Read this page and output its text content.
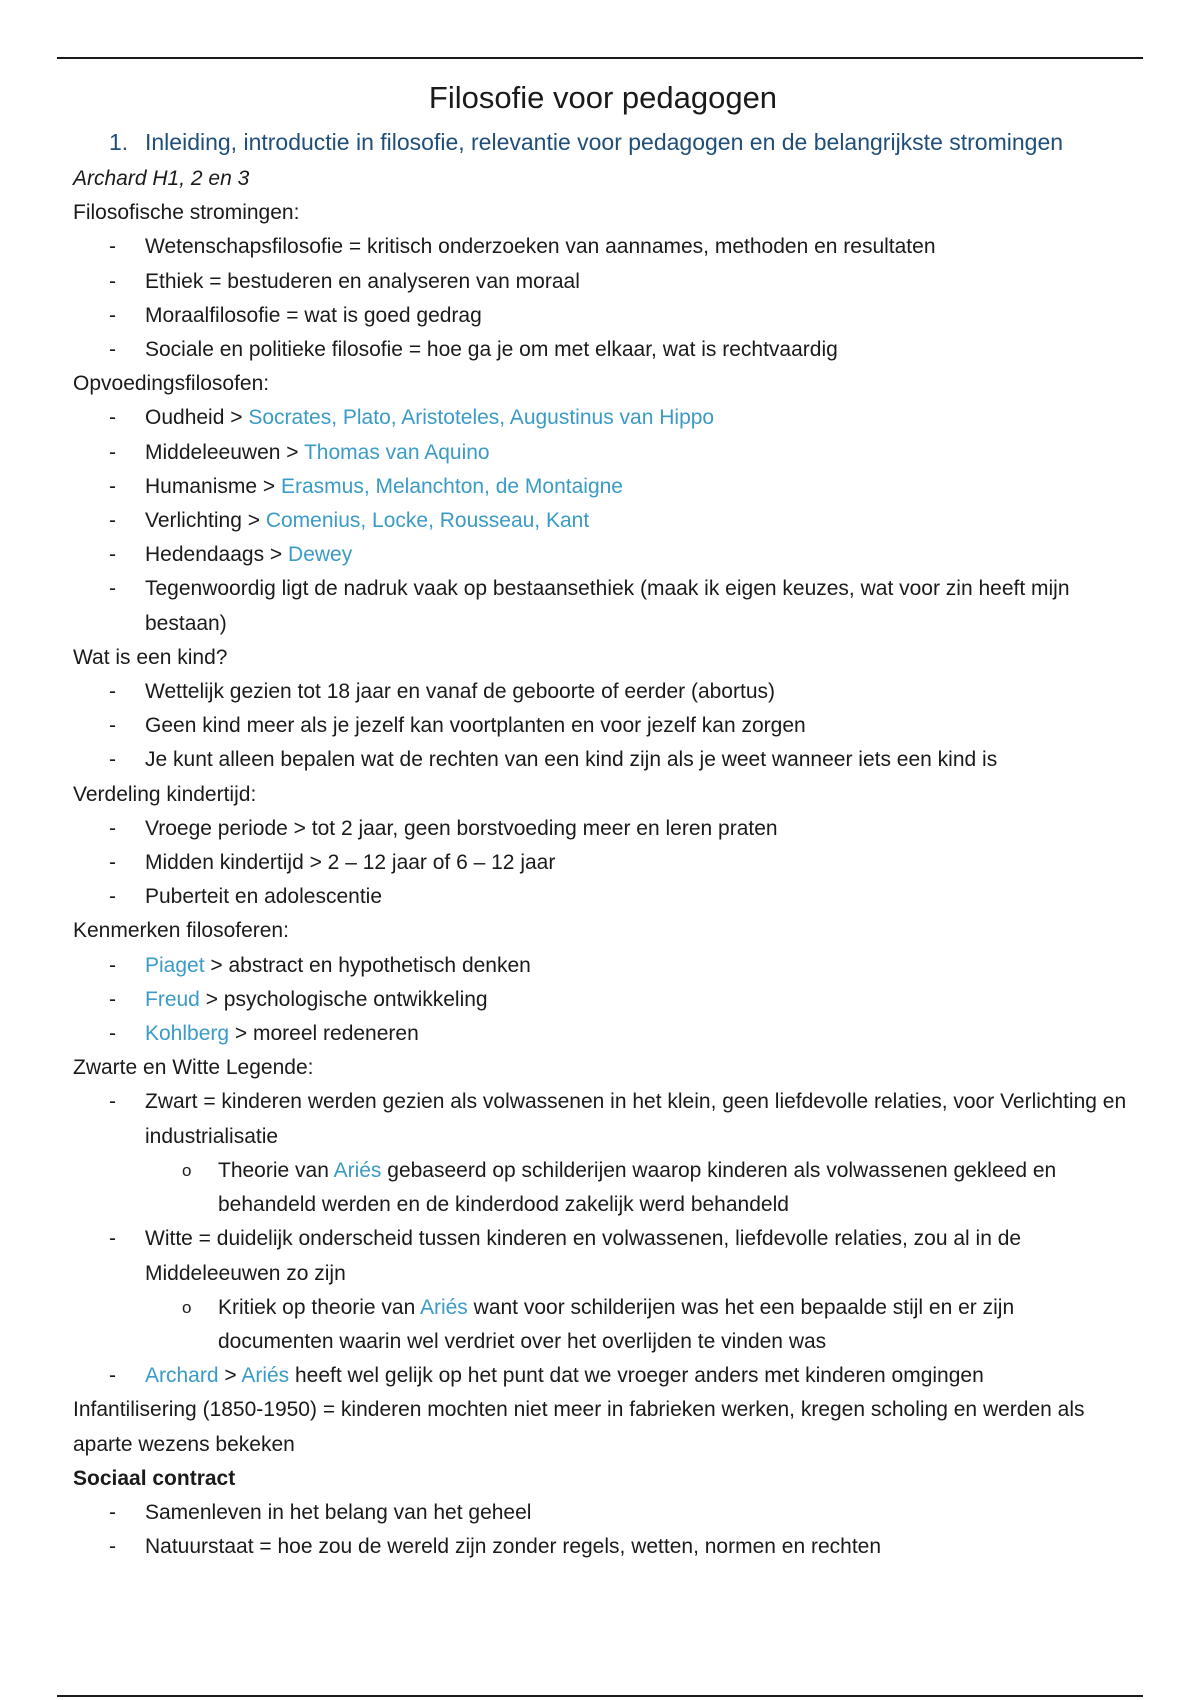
Filosofie voor pedagogen
1. Inleiding, introductie in filosofie, relevantie voor pedagogen en de belangrijkste stromingen
Archard H1, 2 en 3
Filosofische stromingen:
- Wetenschapsfilosofie = kritisch onderzoeken van aannames, methoden en resultaten
- Ethiek = bestuderen en analyseren van moraal
- Moraalfilosofie = wat is goed gedrag
- Sociale en politieke filosofie = hoe ga je om met elkaar, wat is rechtvaardig
Opvoedingsfilosofen:
- Oudheid > Socrates, Plato, Aristoteles, Augustinus van Hippo
- Middeleeuwen > Thomas van Aquino
- Humanisme > Erasmus, Melanchton, de Montaigne
- Verlichting > Comenius, Locke, Rousseau, Kant
- Hedendaags > Dewey
- Tegenwoordig ligt de nadruk vaak op bestaansethiek (maak ik eigen keuzes, wat voor zin heeft mijn bestaan)
Wat is een kind?
- Wettelijk gezien tot 18 jaar en vanaf de geboorte of eerder (abortus)
- Geen kind meer als je jezelf kan voortplanten en voor jezelf kan zorgen
- Je kunt alleen bepalen wat de rechten van een kind zijn als je weet wanneer iets een kind is
Verdeling kindertijd:
- Vroege periode > tot 2 jaar, geen borstvoeding meer en leren praten
- Midden kindertijd > 2 – 12 jaar of 6 – 12 jaar
- Puberteit en adolescentie
Kenmerken filosoferen:
- Piaget > abstract en hypothetisch denken
- Freud > psychologische ontwikkeling
- Kohlberg > moreel redeneren
Zwarte en Witte Legende:
- Zwart = kinderen werden gezien als volwassenen in het klein, geen liefdevolle relaties, voor Verlichting en industrialisatie
o Theorie van Ariés gebaseerd op schilderijen waarop kinderen als volwassenen gekleed en behandeld werden en de kinderdood zakelijk werd behandeld
- Witte = duidelijk onderscheid tussen kinderen en volwassenen, liefdevolle relaties, zou al in de Middeleeuwen zo zijn
o Kritiek op theorie van Ariés want voor schilderijen was het een bepaalde stijl en er zijn documenten waarin wel verdriet over het overlijden te vinden was
- Archard > Ariés heeft wel gelijk op het punt dat we vroeger anders met kinderen omgingen
Infantilisering (1850-1950) = kinderen mochten niet meer in fabrieken werken, kregen scholing en werden als aparte wezens bekeken
Sociaal contract
- Samenleven in het belang van het geheel
- Natuurstaat = hoe zou de wereld zijn zonder regels, wetten, normen en rechten
